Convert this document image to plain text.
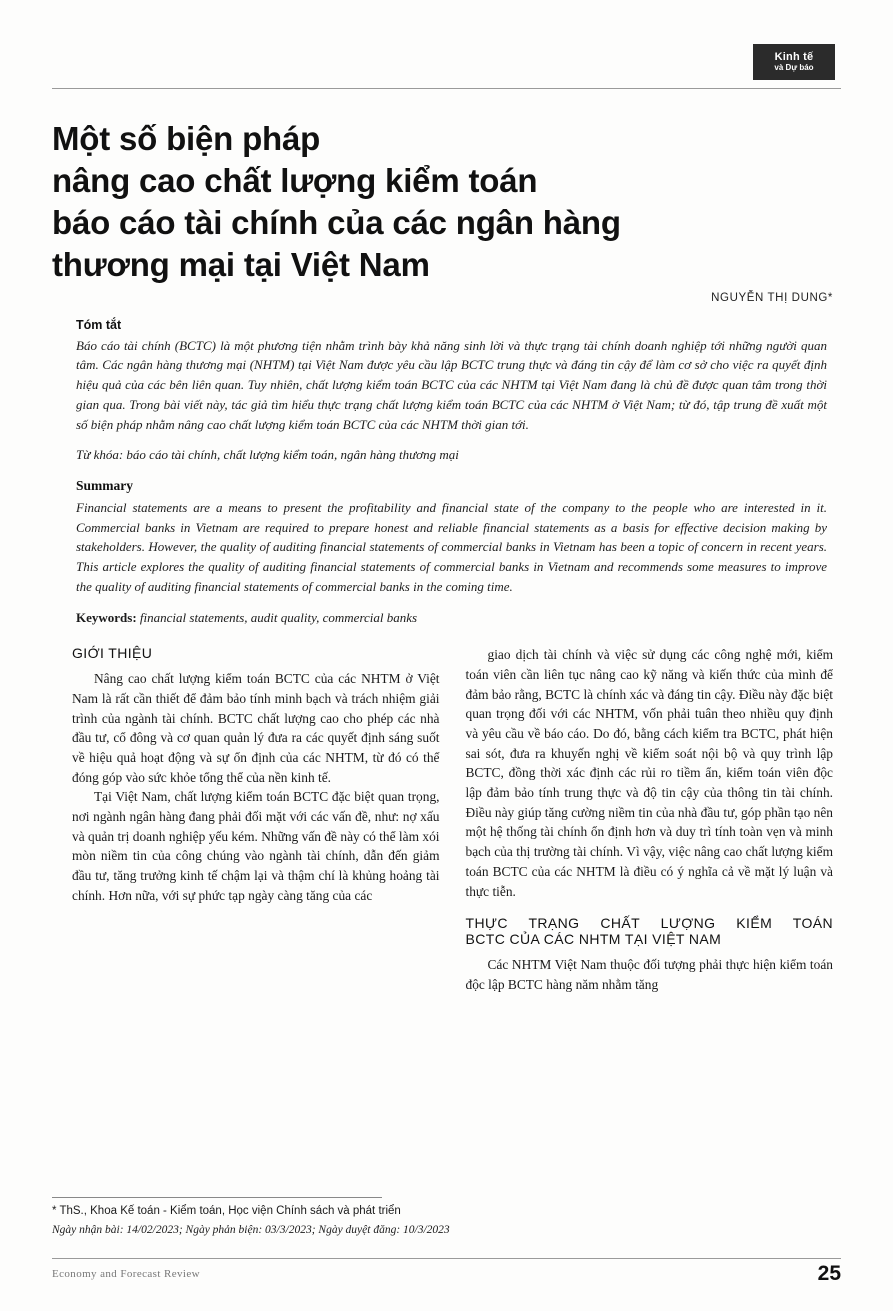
Kinh tế
và Dự báo
Một số biện pháp
nâng cao chất lượng kiểm toán
báo cáo tài chính của các ngân hàng
thương mại tại Việt Nam
NGUYỄN THỊ DUNG*
Tóm tắt
Báo cáo tài chính (BCTC) là một phương tiện nhằm trình bày khả năng sinh lời và thực trạng tài chính doanh nghiệp tới những người quan tâm. Các ngân hàng thương mại (NHTM) tại Việt Nam được yêu cầu lập BCTC trung thực và đáng tin cậy để làm cơ sở cho việc ra quyết định hiệu quả của các bên liên quan. Tuy nhiên, chất lượng kiểm toán BCTC của các NHTM tại Việt Nam đang là chủ đề được quan tâm trong thời gian qua. Trong bài viết này, tác giả tìm hiểu thực trạng chất lượng kiểm toán BCTC của các NHTM ở Việt Nam; từ đó, tập trung đề xuất một số biện pháp nhằm nâng cao chất lượng kiểm toán BCTC của các NHTM thời gian tới.
Từ khóa: báo cáo tài chính, chất lượng kiểm toán, ngân hàng thương mại
Summary
Financial statements are a means to present the profitability and financial state of the company to the people who are interested in it. Commercial banks in Vietnam are required to prepare honest and reliable financial statements as a basis for effective decision making by stakeholders. However, the quality of auditing financial statements of commercial banks in Vietnam has been a topic of concern in recent years. This article explores the quality of auditing financial statements of commercial banks in Vietnam and recommends some measures to improve the quality of auditing financial statements of commercial banks in the coming time.
Keywords: financial statements, audit quality, commercial banks
GIỚI THIỆU

Nâng cao chất lượng kiểm toán BCTC của các NHTM ở Việt Nam là rất cần thiết để đảm bảo tính minh bạch và trách nhiệm giải trình của ngành tài chính. BCTC chất lượng cao cho phép các nhà đầu tư, cổ đông và cơ quan quản lý đưa ra các quyết định sáng suốt về hiệu quả hoạt động và sự ổn định của các NHTM, từ đó có thể đóng góp vào sức khỏe tổng thể của nền kinh tế.

Tại Việt Nam, chất lượng kiểm toán BCTC đặc biệt quan trọng, nơi ngành ngân hàng đang phải đối mặt với các vấn đề, như: nợ xấu và quản trị doanh nghiệp yếu kém. Những vấn đề này có thể làm xói mòn niềm tin của công chúng vào ngành tài chính, dẫn đến giảm đầu tư, tăng trưởng kinh tế chậm lại và thậm chí là khủng hoảng tài chính. Hơn nữa, với sự phức tạp ngày càng tăng của các

giao dịch tài chính và việc sử dụng các công nghệ mới, kiểm toán viên cần liên tục nâng cao kỹ năng và kiến thức của mình để đảm bảo rằng, BCTC là chính xác và đáng tin cậy. Điều này đặc biệt quan trọng đối với các NHTM, vốn phải tuân theo nhiều quy định và yêu cầu về báo cáo. Do đó, bằng cách kiểm tra BCTC, phát hiện sai sót, đưa ra khuyến nghị về kiểm soát nội bộ và quy trình lập BCTC, đồng thời xác định các rủi ro tiềm ẩn, kiểm toán viên độc lập đảm bảo tính trung thực và độ tin cậy của thông tin tài chính. Điều này giúp tăng cường niềm tin của nhà đầu tư, góp phần tạo nên một hệ thống tài chính ổn định hơn và duy trì tính toàn vẹn và minh bạch của thị trường tài chính. Vì vậy, việc nâng cao chất lượng kiểm toán BCTC của các NHTM là điều có ý nghĩa cả về mặt lý luận và thực tiễn.

THỰC TRẠNG CHẤT LƯỢNG KIỂM TOÁN
BCTC CỦA CÁC NHTM TẠI VIỆT NAM

Các NHTM Việt Nam thuộc đối tượng phải thực hiện kiểm toán độc lập BCTC hàng năm nhằm tăng

* ThS., Khoa Kế toán - Kiểm toán, Học viện Chính sách và phát triển
Ngày nhận bài: 14/02/2023; Ngày phản biện: 03/3/2023; Ngày duyệt đăng: 10/3/2023
Economy and Forecast Review	25
